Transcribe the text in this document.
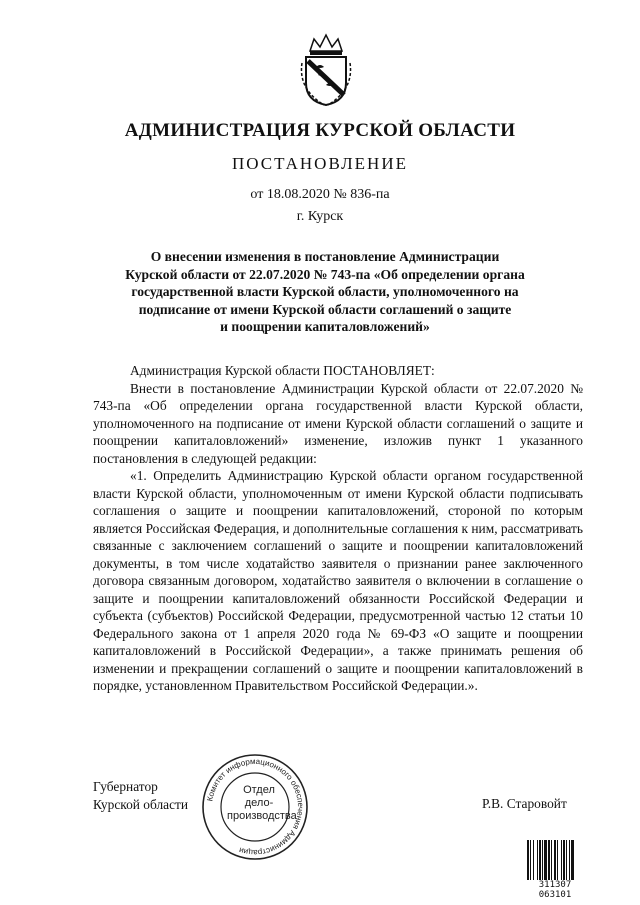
АДМИНИСТРАЦИЯ КУРСКОЙ ОБЛАСТИ
ПОСТАНОВЛЕНИЕ
от 18.08.2020 № 836-па
г. Курск
О внесении изменения в постановление Администрации
Курской области от 22.07.2020 № 743-па «Об определении органа
государственной власти Курской области, уполномоченного на
подписание от имени Курской области соглашений о защите
и поощрении капиталовложений»

Администрация Курской области ПОСТАНОВЛЯЕТ:

Внести в постановление Администрации Курской области от 22.07.2020 № 743-па «Об определении органа государственной власти Курской области, уполномоченного на подписание от имени Курской области соглашений о защите и поощрении капиталовложений» изменение, изложив пункт 1 указанного постановления в следующей редакции:

«1. Определить Администрацию Курской области органом государственной власти Курской области, уполномоченным от имени Курской области подписывать соглашения о защите и поощрении капиталовложений, стороной по которым является Российская Федерация, и дополнительные соглашения к ним, рассматривать связанные с заключением соглашений о защите и поощрении капиталовложений документы, в том числе ходатайство заявителя о признании ранее заключенного договора связанным договором, ходатайство заявителя о включении в соглашение о защите и поощрении капиталовложений обязанности Российской Федерации и субъекта (субъектов) Российской Федерации, предусмотренной частью 12 статьи 10 Федерального закона от 1 апреля 2020 года № 69-ФЗ «О защите и поощрении капиталовложений в Российской Федерации», а также принимать решения об изменении и прекращении соглашений о защите и поощрении капиталовложений в порядке, установленном Правительством Российской Федерации.».

Губернатор
Курской области	Р.В. Старовойт
Комитет информационного обеспечения Администрации
Отдел
дело-
производства
311307 063101
